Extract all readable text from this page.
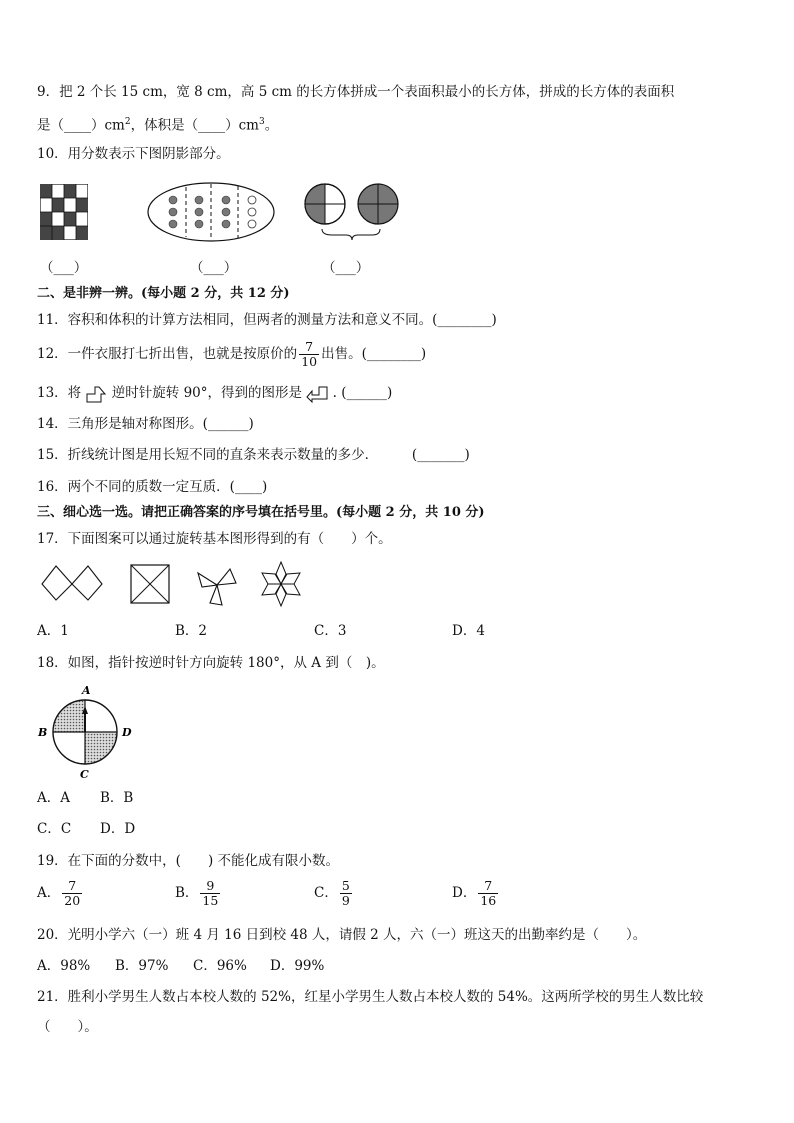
9．把 2 个长 15 cm，宽 8 cm，高 5 cm 的长方体拼成一个表面积最小的长方体，拼成的长方体的表面积
是$(\_\_\_\_)cm^2$，体积是$(\_\_\_\_)cm^3$。
10．用分数表示下图阴影部分。
（___）	（___）	（___）
二、是非辨一辨。(每小题 2 分，共 12 分)
11．容积和体积的计算方法相同，但两者的测量方法和意义不同。(________)
12．一件衣服打七折出售，也就是按原价的 $\frac{7}{10}$ 出售。(________)
13．将 逆时针旋转 90°，得到的图形是 . (______)
14．三角形是轴对称图形。(______)
15．折线统计图是用长短不同的直条来表示数量的多少．　　　(_______)
16．两个不同的质数一定互质．(____)
三、细心选一选。请把正确答案的序号填在括号里。(每小题 2 分，共 10 分)
17．下面图案可以通过旋转基本图形得到的有（　　）个。
A．1	B．2	C．3	D．4
18．如图，指针按逆时针方向旋转 180°，从 A 到（　)。
A
B	D
C
A．A B．B
C．C D．D
19．在下面的分数中，(　　) 不能化成有限小数。
A． $\frac{7}{20}$	B． $\frac{9}{15}$	C． $\frac{5}{9}$	D． $\frac{7}{16}$
20．光明小学六（一）班 4 月 16 日到校 48 人，请假 2 人，六（一）班这天的出勤率约是（　　）。
A．98% B．97% C．96% D．99%
21．胜利小学男生人数占本校人数的 52%，红星小学男生人数占本校人数的 54%。这两所学校的男生人数比较
（　　）。
